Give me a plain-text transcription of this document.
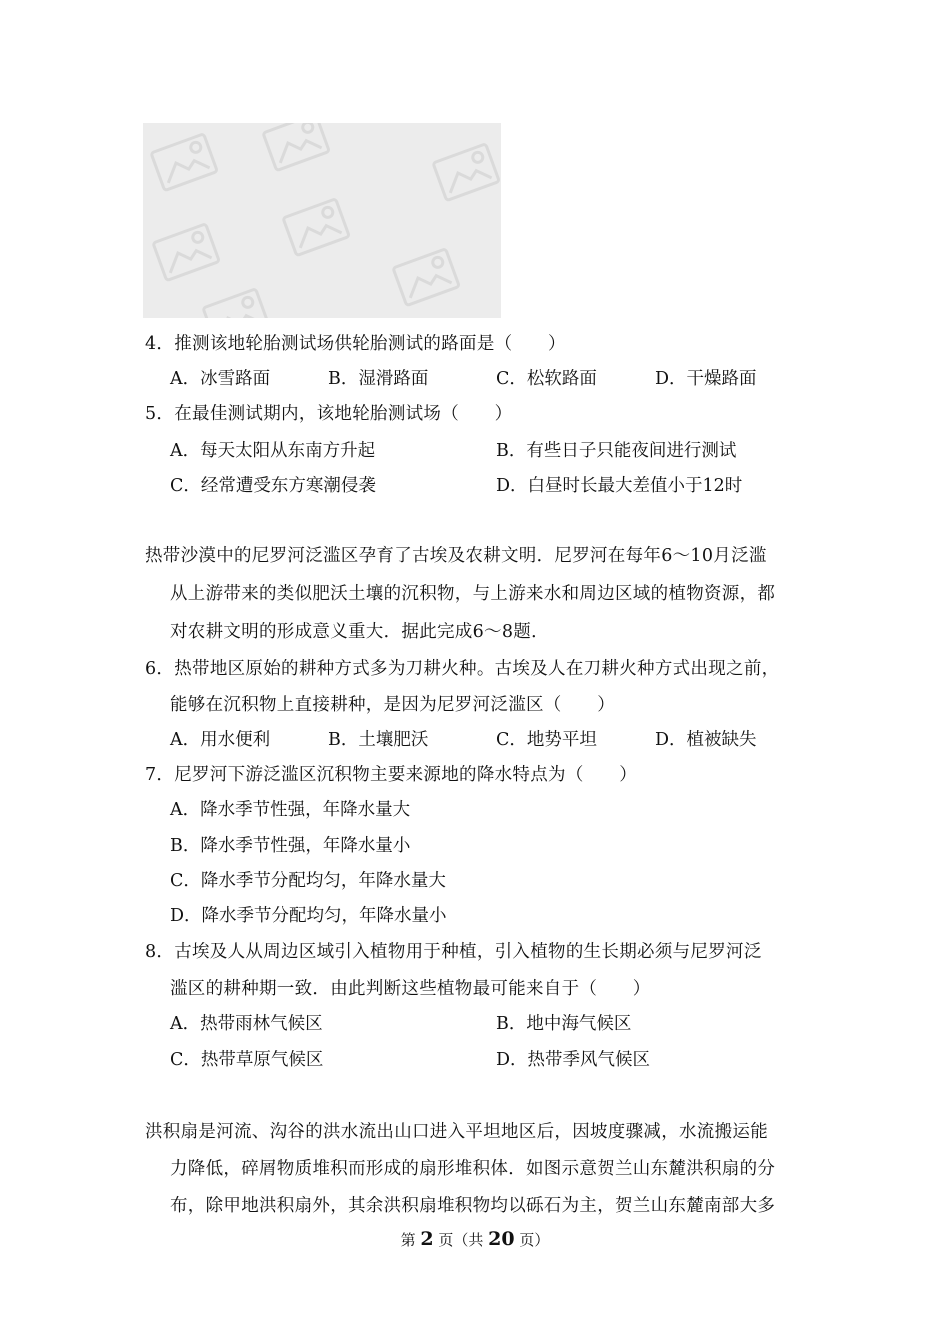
4．推测该地轮胎测试场供轮胎测试的路面是（　　）
A．冰雪路面	B．湿滑路面	C．松软路面	D．干燥路面
5．在最佳测试期内，该地轮胎测试场（　　）
A．每天太阳从东南方升起	B．有些日子只能夜间进行测试
C．经常遭受东方寒潮侵袭	D．白昼时长最大差值小于12时
热带沙漠中的尼罗河泛滥区孕育了古埃及农耕文明．尼罗河在每年6～10月泛滥
从上游带来的类似肥沃土壤的沉积物，与上游来水和周边区域的植物资源，都
对农耕文明的形成意义重大．据此完成6～8题．
6．热带地区原始的耕种方式多为刀耕火种。古埃及人在刀耕火种方式出现之前，
能够在沉积物上直接耕种，是因为尼罗河泛滥区（　　）
A．用水便利	B．土壤肥沃	C．地势平坦	D．植被缺失
7．尼罗河下游泛滥区沉积物主要来源地的降水特点为（　　）
A．降水季节性强，年降水量大
B．降水季节性强，年降水量小
C．降水季节分配均匀，年降水量大
D．降水季节分配均匀，年降水量小
8．古埃及人从周边区域引入植物用于种植，引入植物的生长期必须与尼罗河泛
滥区的耕种期一致．由此判断这些植物最可能来自于（　　）
A．热带雨林气候区	B．地中海气候区
C．热带草原气候区	D．热带季风气候区
洪积扇是河流、沟谷的洪水流出山口进入平坦地区后，因坡度骤减，水流搬运能
力降低，碎屑物质堆积而形成的扇形堆积体．如图示意贺兰山东麓洪积扇的分
布，除甲地洪积扇外，其余洪积扇堆积物均以砾石为主，贺兰山东麓南部大多
第 2 页（共 20 页）
